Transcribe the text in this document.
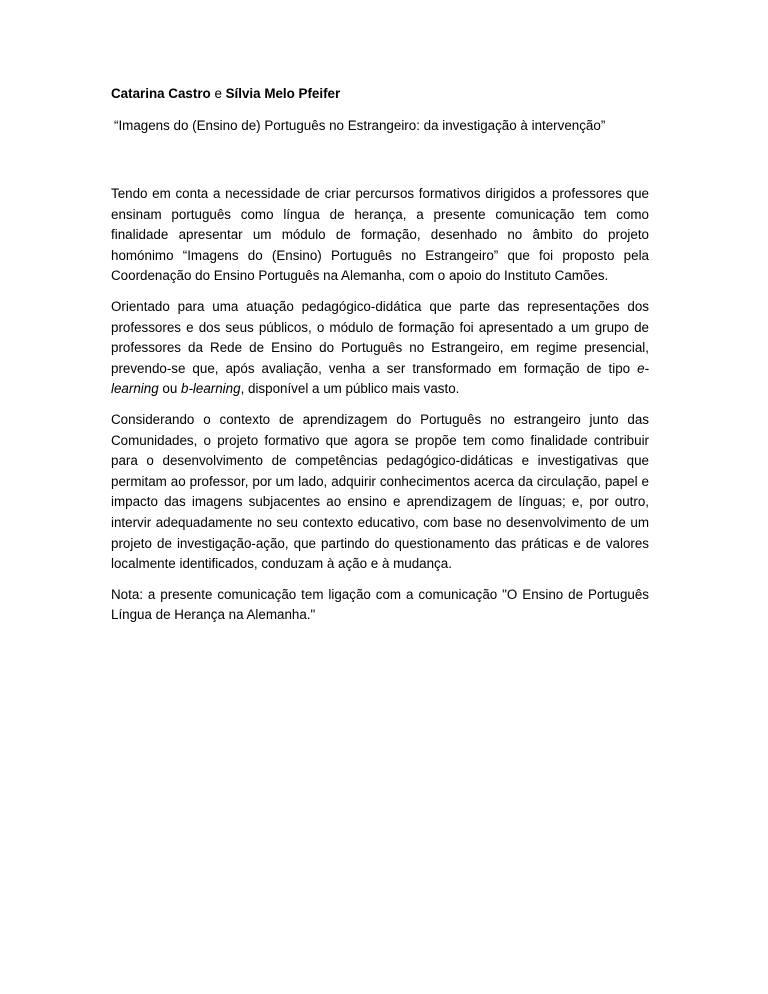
Catarina Castro e Sílvia Melo Pfeifer

“Imagens do (Ensino de) Português no Estrangeiro: da investigação à intervenção”

Tendo em conta a necessidade de criar percursos formativos dirigidos a professores que ensinam português como língua de herança, a presente comunicação tem como finalidade apresentar um módulo de formação, desenhado no âmbito do projeto homónimo “Imagens do (Ensino) Português no Estrangeiro” que foi proposto pela Coordenação do Ensino Português na Alemanha, com o apoio do Instituto Camões.

Orientado para uma atuação pedagógico-didática que parte das representações dos professores e dos seus públicos, o módulo de formação foi apresentado a um grupo de professores da Rede de Ensino do Português no Estrangeiro, em regime presencial, prevendo-se que, após avaliação, venha a ser transformado em formação de tipo e-learning ou b-learning, disponível a um público mais vasto.

Considerando o contexto de aprendizagem do Português no estrangeiro junto das Comunidades, o projeto formativo que agora se propõe tem como finalidade contribuir para o desenvolvimento de competências pedagógico-didáticas e investigativas que permitam ao professor, por um lado, adquirir conhecimentos acerca da circulação, papel e impacto das imagens subjacentes ao ensino e aprendizagem de línguas; e, por outro, intervir adequadamente no seu contexto educativo, com base no desenvolvimento de um projeto de investigação-ação, que partindo do questionamento das práticas e de valores localmente identificados, conduzam à ação e à mudança.

Nota: a presente comunicação tem ligação com a comunicação "O Ensino de Português Língua de Herança na Alemanha."
